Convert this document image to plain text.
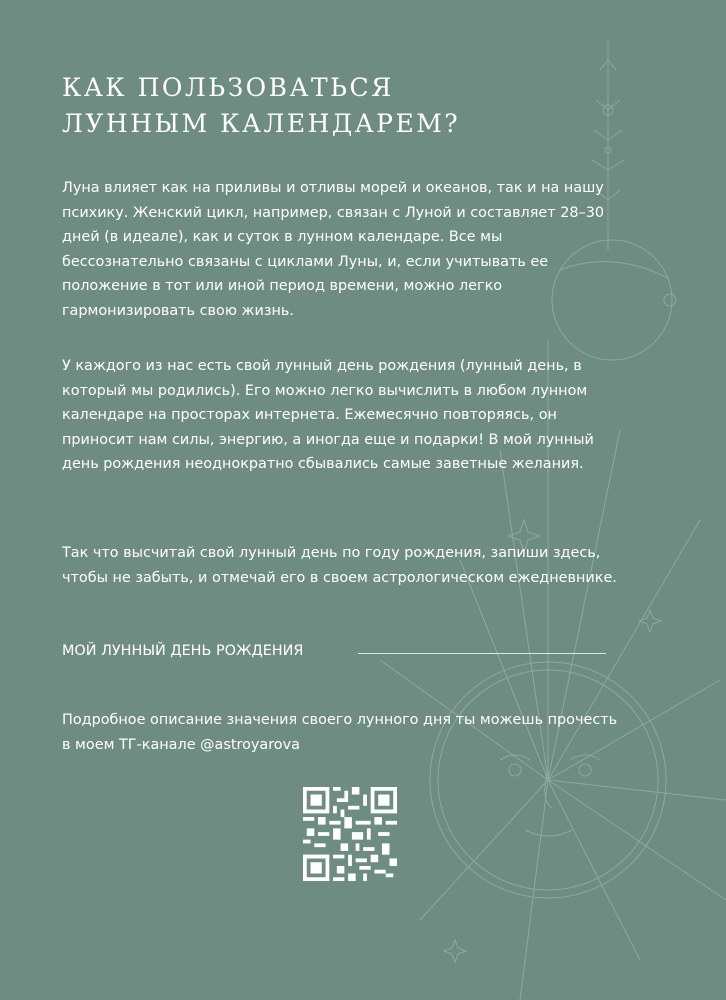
КАК ПОЛЬЗОВАТЬСЯ
ЛУННЫМ КАЛЕНДАРЕМ?

Луна влияет как на приливы и отливы морей и океанов, так и на нашу психику. Женский цикл, например, связан с Луной и составляет 28–30 дней (в идеале), как и суток в лунном календаре. Все мы бессознательно связаны с циклами Луны, и, если учитывать ее положение в тот или иной период времени, можно легко гармонизировать свою жизнь.

У каждого из нас есть свой лунный день рождения (лунный день, в который мы родились). Его можно легко вычислить в любом лунном календаре на просторах интернета. Ежемесячно повторяясь, он приносит нам силы, энергию, а иногда еще и подарки! В мой лунный день рождения неоднократно сбывались самые заветные желания.

Так что высчитай свой лунный день по году рождения, запиши здесь, чтобы не забыть, и отмечай его в своем астрологическом ежедневнике.

МОЙ ЛУННЫЙ ДЕНЬ РОЖДЕНИЯ

Подробное описание значения своего лунного дня ты можешь прочесть в моем ТГ-канале @astroyarova
